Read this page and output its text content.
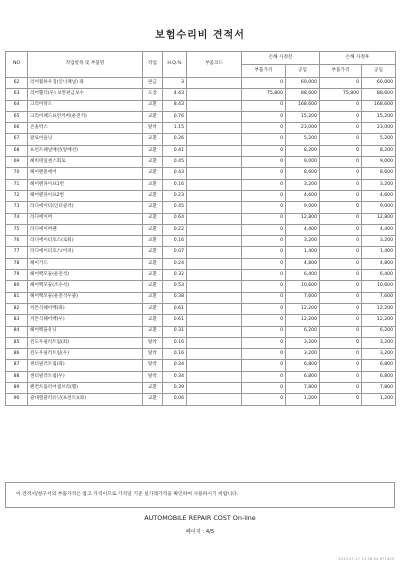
보험수리비 견적서
NO	작업항목 및 부품명	작업	H.Q.%	부품코드	손해 사정전		손해 사정후	
					부품가격	공임	부품가격	공임
62	리어휠하우징(인너패널) 좌	판금	3		0	60,000	0	60,000
63	리어휀더(우) 보완판금보수	도장	4.43		75,800	88,600	75,800	88,600
64	크리어락드	교환	8.43		0	168,600	0	168,600
65	크리어패드프런커버(운전석)	교환	0.76		0	15,200	0	15,200
66	콘솔박스	탈착	1.15		0	23,000	0	23,000
67	팔로어윤닝	교환	0.26		0	5,200	0	5,200
68	프런트패널배선(앞배선)	교환	0.41		0	8,200	0	8,200
69	헤비테일센스회로	교환	0.45		0	9,000	0	9,000
70	헤어펜튠에어	교환	0.43		0	8,600	0	8,600
71	헤어펜파이프1번	교환	0.16		0	3,200	0	3,200
72	헤어펜파이프2번	교환	0.23		0	4,600	0	4,600
73	라디에이터(인터쿨러)	교환	0.45		0	9,000	0	9,000
74	라디에이버	교환	0.64		0	12,800	0	12,800
75	라디에이버팬	교환	0.22		0	4,400	0	4,400
76	라디에이터호스(로워)	교환	0.16		0	3,200	0	3,200
77	라디에이터호스(어퍼)	교환	0.07		0	1,400	0	1,400
78	헤이거드	교환	0.24		0	4,800	0	4,800
79	헤어백모듈(운전석)	교환	0.32		0	6,400	0	6,400
80	헤어백모듈(조수석)	교환	0.53		0	10,600	0	10,600
81	헤어백모듈(운전석우줄)	교환	0.38		0	7,600	0	7,600
82	커튼식헤어백(좌)	교환	0.61		0	12,200	0	12,200
83	커튼식헤어백(우)	교환	0.61		0	12,200	0	12,200
84	헤어백듈유닛	교환	0.31		0	6,200	0	6,200
85	윈도우필러트림(좌)	탈착	0.16		0	3,200	0	3,200
86	윈도우필러트림(우)	탈착	0.16		0	3,200	0	3,200
87	센터필러트림(좌)	탈착	0.34		0	6,800	0	6,800
88	센터필러트림(우)	탈착	0.34		0	6,800	0	6,800
89	팬컨트롤러어셈브리(휀)	교환	0.39		0	7,800	0	7,800
90	쿨대렬쿨러유닛(프런트)(좌)	교환	0.06		0	1,200	0	1,200
이 견적서/청구서의 부품가격은 참고 가격이므로 가격일 기준 실가래가격을 확인하여 사용하시기 바랍니다.
AUTOMOBILE REPAIR COST On-line
페이지 : 4/5
2015-07-17 13:36:54 RT1405
